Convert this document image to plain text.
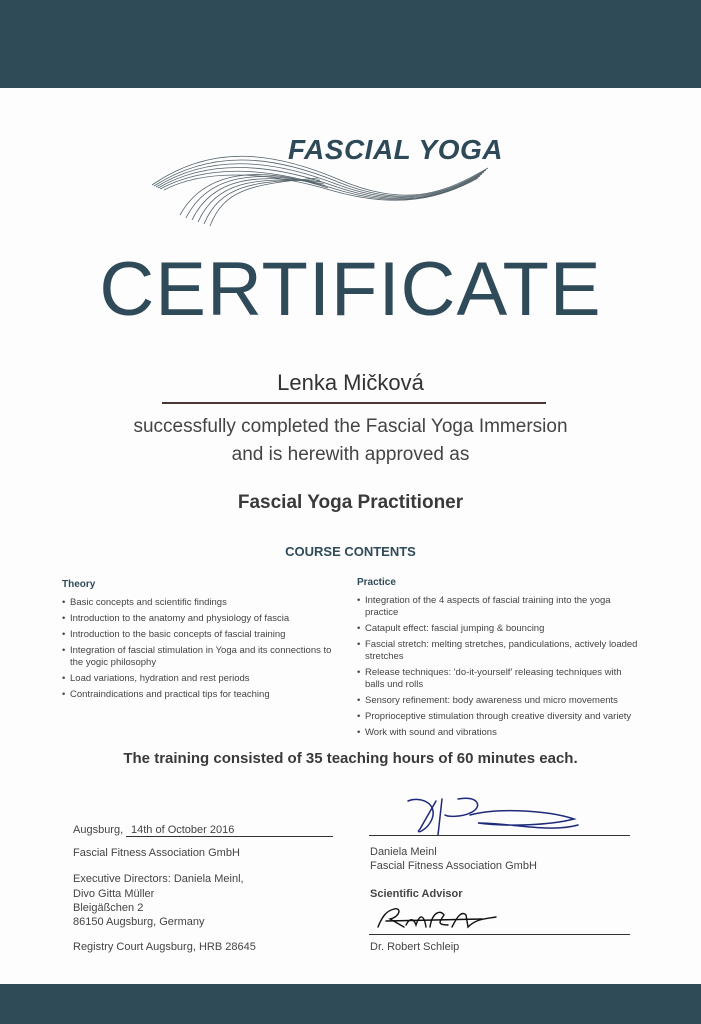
FASCIAL YOGA
CERTIFICATE
Lenka Mičková
successfully completed the Fascial Yoga Immersion
and is herewith approved as
Fascial Yoga Practitioner
COURSE CONTENTS
Theory
• Basic concepts and scientific findings
• Introduction to the anatomy and physiology of fascia
• Introduction to the basic concepts of fascial training
• Integration of fascial stimulation in Yoga and its connections to the yogic philosophy
• Load variations, hydration and rest periods
• Contraindications and practical tips for teaching
Practice
• Integration of the 4 aspects of fascial training into the yoga practice
• Catapult effect: fascial jumping & bouncing
• Fascial stretch: melting stretches, pandiculations, actively loaded stretches
• Release techniques: 'do-it-yourself' releasing techniques with balls und rolls
• Sensory refinement: body awareness und micro movements
• Proprioceptive stimulation through creative diversity and variety
• Work with sound and vibrations
The training consisted of 35 teaching hours of 60 minutes each.
Augsburg, 14th of October 2016
Fascial Fitness Association GmbH
Executive Directors: Daniela Meinl,
Divo Gitta Müller
Bleigäßchen 2
86150 Augsburg, Germany
Registry Court Augsburg, HRB 28645
Daniela Meinl
Fascial Fitness Association GmbH
Scientific Advisor
Dr. Robert Schleip
